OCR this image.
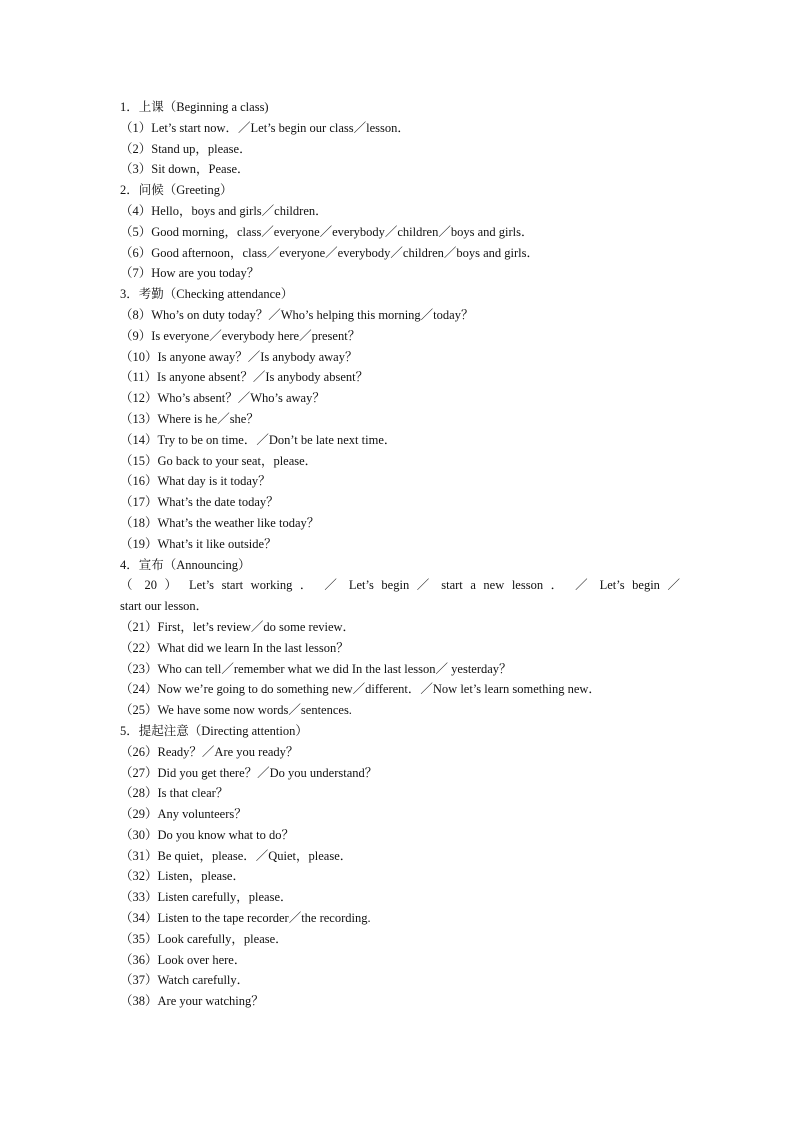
1．上课（Beginning a class)
（1）Let’s start now．／Let’s begin our class／lesson．
（2）Stand up，please．
（3）Sit down，Pease．
2．问候（Greeting）
（4）Hello，boys and girls／children．
（5）Good morning，class／everyone／everybody／children／boys and girls．
（6）Good afternoon，class／everyone／everybody／children／boys and girls．
（7）How are you today？
3．考勤（Checking attendance）
（8）Who’s on duty today？／Who’s helping this morning／today？
（9）Is everyone／everybody here／present？
（10）Is anyone away？／Is anybody away？
（11）Is anyone absent？／Is anybody absent？
（12）Who’s absent？／Who’s away？
（13）Where is he／she？
（14）Try to be on time．／Don’t be late next time．
（15）Go back to your seat，please．
（16）What day is it today？
（17）What’s the date today？
（18）What’s the weather like today？
（19）What’s it like outside？
4．宣布（Announcing）
（ 20 ） Let’s start working ． ／ Let’s begin ／ start a new lesson ． ／ Let’s begin ／
start our lesson．
（21）First，let’s review／do some review．
（22）What did we learn In the last lesson？
（23）Who can tell／remember what we did In the last lesson／ yesterday？
（24）Now we’re going to do something new／different．／Now let’s learn something new．
（25）We have some now words／sentences.
5．提起注意（Directing attention）
（26）Ready？／Are you ready？
（27）Did you get there？／Do you understand？
（28）Is that clear？
（29）Any volunteers？
（30）Do you know what to do？
（31）Be quiet，please．／Quiet，please．
（32）Listen，please．
（33）Listen carefully，please．
（34）Listen to the tape recorder／the recording.
（35）Look carefully，please．
（36）Look over here．
（37）Watch carefully．
（38）Are your watching？
